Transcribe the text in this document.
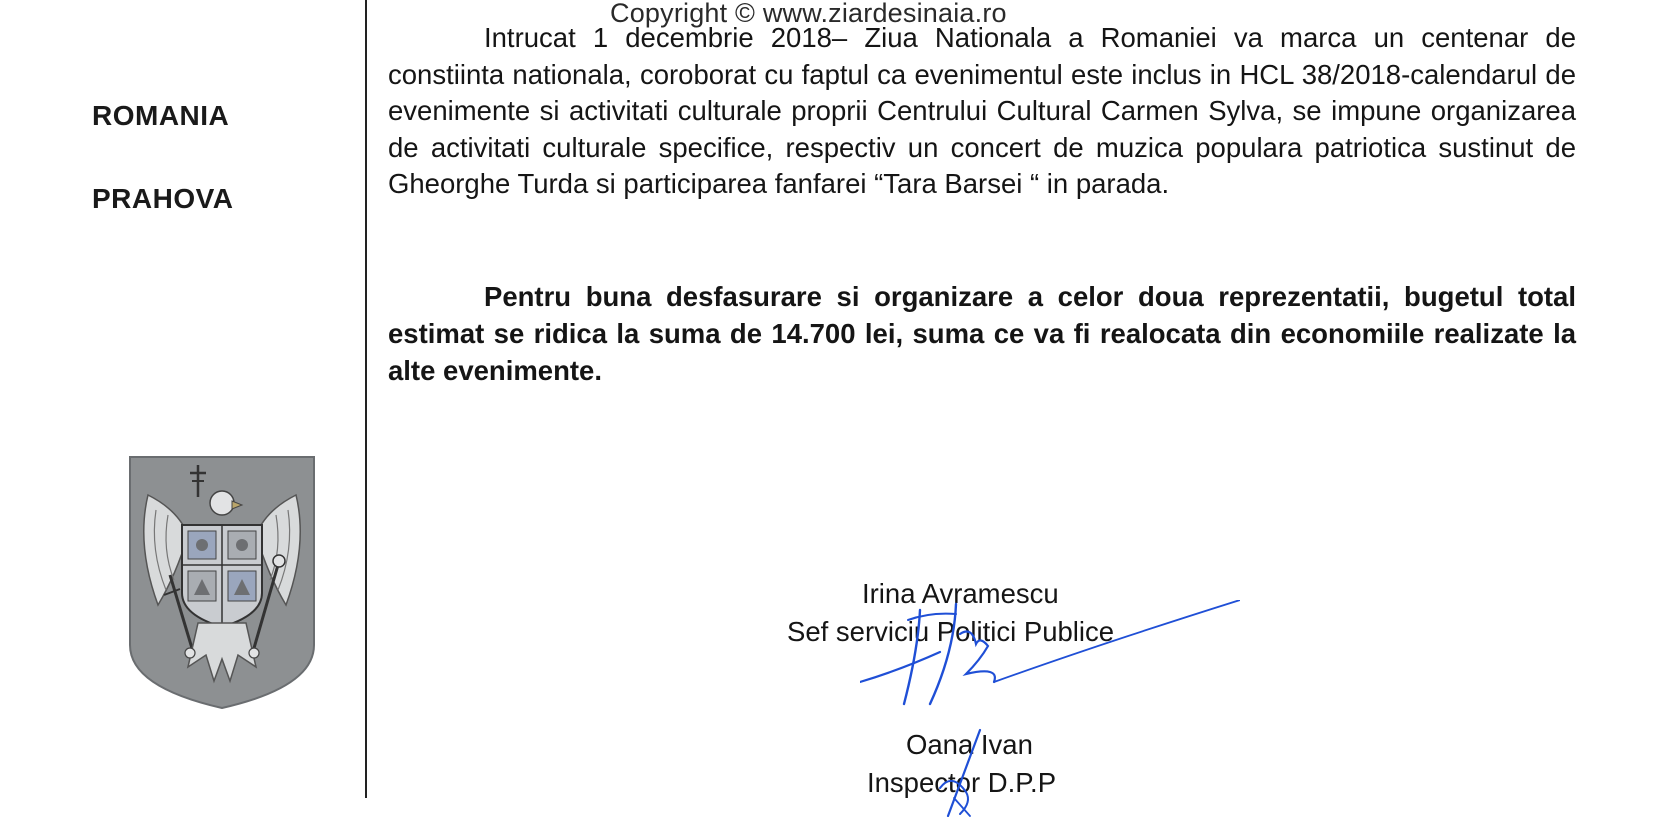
Copyright © www.ziardesinaia.ro
ROMANIA
PRAHOVA
Intrucat 1 decembrie 2018– Ziua Nationala a Romaniei va marca un centenar de constiinta nationala, coroborat cu faptul ca evenimentul este inclus in HCL 38/2018-calendarul de evenimente si activitati culturale proprii Centrului Cultural Carmen Sylva, se impune organizarea de activitati culturale specifice, respectiv un concert de muzica populara patriotica sustinut de Gheorghe Turda si participarea fanfarei “Tara Barsei “ in parada.
Pentru buna desfasurare si organizare a celor doua reprezentatii, bugetul total estimat se ridica la suma de 14.700 lei, suma ce va fi realocata din economiile realizate la alte evenimente.
Irina Avramescu
Sef serviciu Politici Publice
Oana Ivan
Inspector D.P.P
